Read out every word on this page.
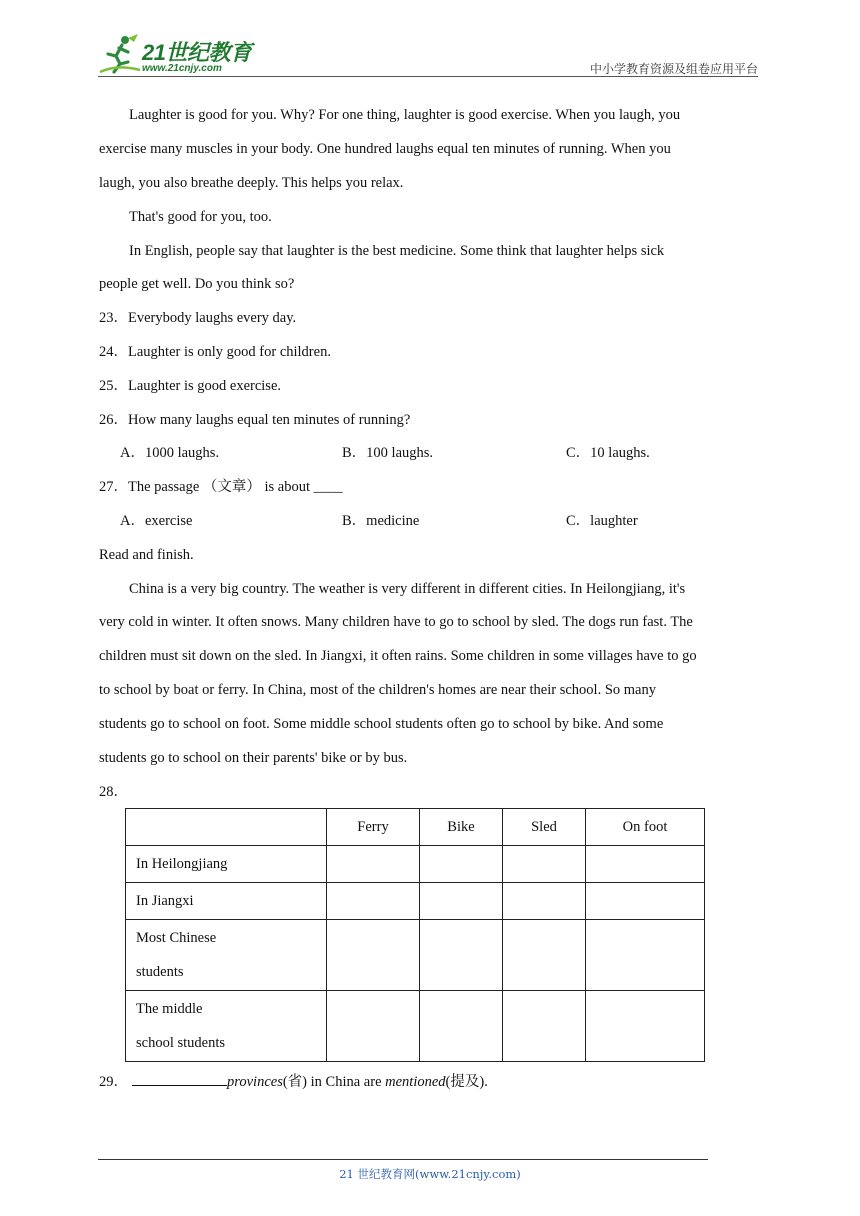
21世纪教育
www.21cnjy.com	中小学教育资源及组卷应用平台
Laughter is good for you. Why? For one thing, laughter is good exercise. When you laugh, you
exercise many muscles in your body. One hundred laughs equal ten minutes of running. When you
laugh, you also breathe deeply. This helps you relax.
That's good for you, too.
In English, people say that laughter is the best medicine. Some think that laughter helps sick
people get well. Do you think so?
23．Everybody laughs every day.
24．Laughter is only good for children.
25．Laughter is good exercise.
26．How many laughs equal ten minutes of running?
A．1000 laughs.	B．100 laughs.	C．10 laughs.
27．The passage （文章） is about ____
A．exercise	B．medicine	C．laughter
Read and finish.
China is a very big country. The weather is very different in different cities. In Heilongjiang, it's
very cold in winter. It often snows. Many children have to go to school by sled. The dogs run fast. The
children must sit down on the sled. In Jiangxi, it often rains. Some children in some villages have to go
to school by boat or ferry. In China, most of the children's homes are near their school. So many
students go to school on foot. Some middle school students often go to school by bike. And some
students go to school on their parents' bike or by bus.
28．
	Ferry	Bike	Sled	On foot
In Heilongjiang				
In Jiangxi				

Most Chinese
students				

The middle
school students				

29．	provinces(省) in China are mentioned(提及).
21 世纪教育网(www.21cnjy.com)
